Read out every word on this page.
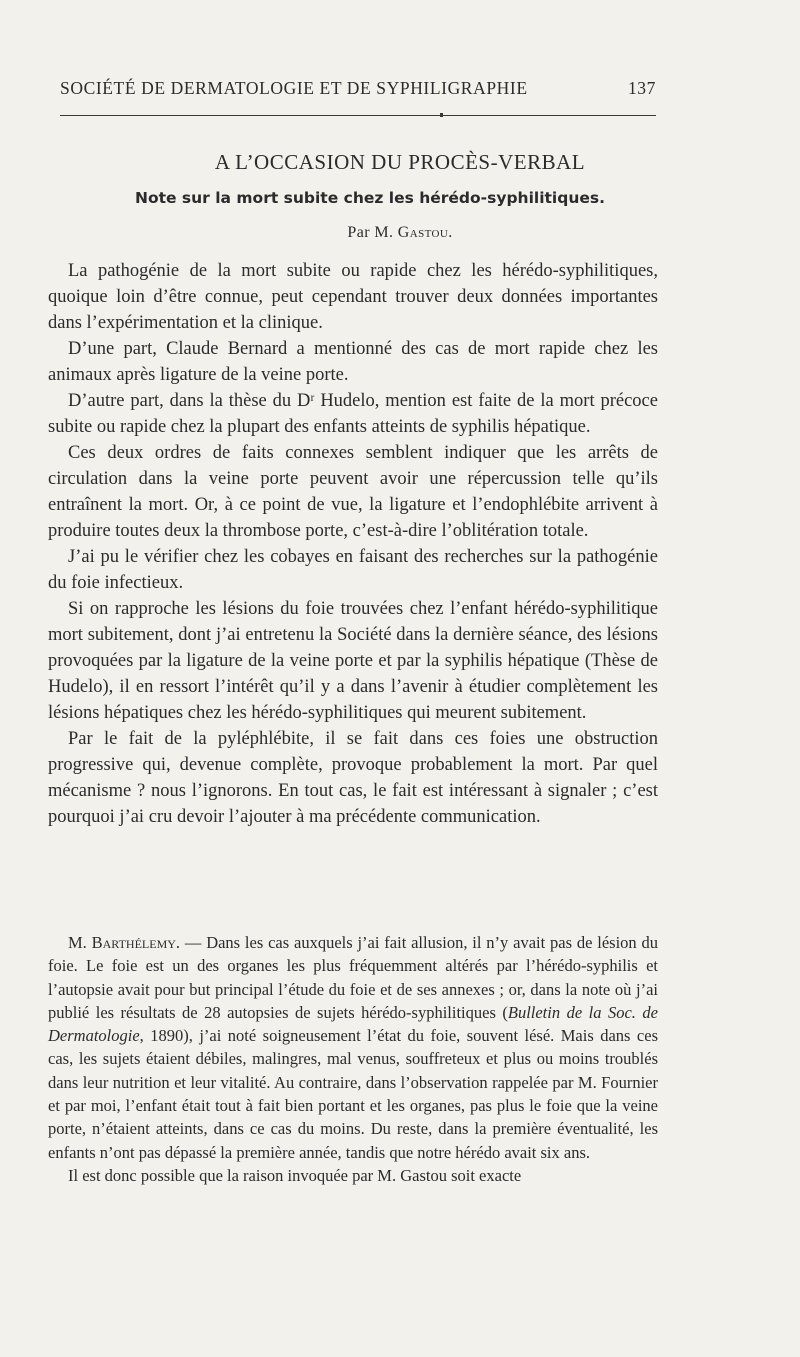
SOCIÉTÉ DE DERMATOLOGIE ET DE SYPHILIGRAPHIE	137
A L’OCCASION DU PROCÈS-VERBAL
Note sur la mort subite chez les hérédo-syphilitiques.
Par M. Gastou.

La pathogénie de la mort subite ou rapide chez les hérédo-syphilitiques, quoique loin d’être connue, peut cependant trouver deux données importantes dans l’expérimentation et la clinique.

D’une part, Claude Bernard a mentionné des cas de mort rapide chez les animaux après ligature de la veine porte.

D’autre part, dans la thèse du Dʳ Hudelo, mention est faite de la mort précoce subite ou rapide chez la plupart des enfants atteints de syphilis hépatique.

Ces deux ordres de faits connexes semblent indiquer que les arrêts de circulation dans la veine porte peuvent avoir une répercussion telle qu’ils entraînent la mort. Or, à ce point de vue, la ligature et l’endophlébite arrivent à produire toutes deux la thrombose porte, c’est-à-dire l’oblitération totale.

J’ai pu le vérifier chez les cobayes en faisant des recherches sur la pathogénie du foie infectieux.

Si on rapproche les lésions du foie trouvées chez l’enfant hérédo-syphilitique mort subitement, dont j’ai entretenu la Société dans la dernière séance, des lésions provoquées par la ligature de la veine porte et par la syphilis hépatique (Thèse de Hudelo), il en ressort l’intérêt qu’il y a dans l’avenir à étudier complètement les lésions hépatiques chez les hérédo-syphilitiques qui meurent subitement.

Par le fait de la pyléphlébite, il se fait dans ces foies une obstruction progressive qui, devenue complète, provoque probablement la mort. Par quel mécanisme ? nous l’ignorons. En tout cas, le fait est intéressant à signaler ; c’est pourquoi j’ai cru devoir l’ajouter à ma précédente communication.

M. Barthélemy. — Dans les cas auxquels j’ai fait allusion, il n’y avait pas de lésion du foie. Le foie est un des organes les plus fréquemment altérés par l’hérédo-syphilis et l’autopsie avait pour but principal l’étude du foie et de ses annexes ; or, dans la note où j’ai publié les résultats de 28 autopsies de sujets hérédo-syphilitiques (Bulletin de la Soc. de Dermatologie, 1890), j’ai noté soigneusement l’état du foie, souvent lésé. Mais dans ces cas, les sujets étaient débiles, malingres, mal venus, souffreteux et plus ou moins troublés dans leur nutrition et leur vitalité. Au contraire, dans l’observation rappelée par M. Fournier et par moi, l’enfant était tout à fait bien portant et les organes, pas plus le foie que la veine porte, n’étaient atteints, dans ce cas du moins. Du reste, dans la première éventualité, les enfants n’ont pas dépassé la première année, tandis que notre hérédo avait six ans.

Il est donc possible que la raison invoquée par M. Gastou soit exacte
